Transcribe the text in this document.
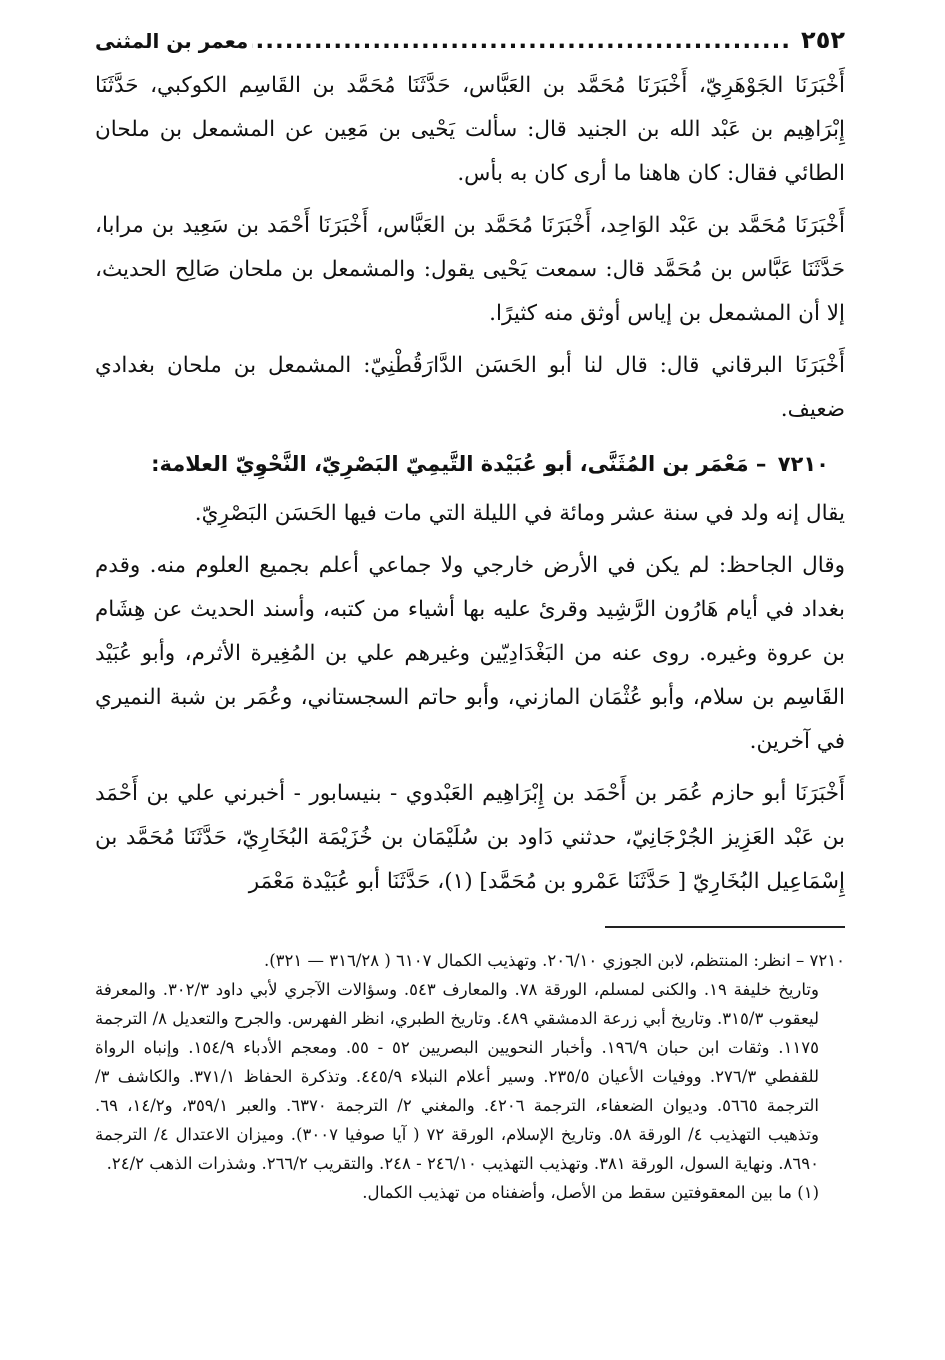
٢٥٢
.....
معمر بن المثنى

أَخْبَرَنَا الجَوْهَرِيّ، أَخْبَرَنَا مُحَمَّد بن العَبَّاس، حَدَّثَنَا مُحَمَّد بن القَاسِم الكوكبي، حَدَّثَنَا إِبْرَاهِيم بن عَبْد الله بن الجنيد قال: سألت يَحْيى بن مَعِين عن المشمعل بن ملحان الطائي فقال: كان هاهنا ما أرى كان به بأس.

أَخْبَرَنَا مُحَمَّد بن عَبْد الوَاحِد، أَخْبَرَنَا مُحَمَّد بن العَبَّاس، أَخْبَرَنَا أَحْمَد بن سَعِيد بن مرابا، حَدَّثَنَا عَبَّاس بن مُحَمَّد قال: سمعت يَحْيى يقول: والمشمعل بن ملحان صَالِح الحديث، إلا أن المشمعل بن إياس أوثق منه كثيرًا.

أَخْبَرَنَا البرقاني قال: قال لنا أبو الحَسَن الدَّارَقُطْنِيّ: المشمعل بن ملحان بغدادي ضعيف.

٧٢١٠ – مَعْمَر بن المُثَنَّى، أبو عُبَيْدة التَّيمِيّ البَصْرِيّ، النَّحْوِيّ العلامة:

يقال إنه ولد في سنة عشر ومائة في الليلة التي مات فيها الحَسَن البَصْرِيّ.

وقال الجاحظ: لم يكن في الأرض خارجي ولا جماعي أعلم بجميع العلوم منه. وقدم بغداد في أيام هَارُون الرَّشِيد وقرئ عليه بها أشياء من كتبه، وأسند الحديث عن هِشَام بن عروة وغيره. روى عنه من البَغْدَادِيّين وغيرهم علي بن المُغِيرة الأثرم، وأبو عُبَيْد القَاسِم بن سلام، وأبو عُثْمَان المازني، وأبو حاتم السجستاني، وعُمَر بن شبة النميري في آخرين.

أَخْبَرَنَا أبو حازم عُمَر بن أَحْمَد بن إِبْرَاهِيم العَبْدوي - بنيسابور - أخبرني علي بن أَحْمَد بن عَبْد العَزِيز الجُرْجَانِيّ، حدثني دَاود بن سُلَيْمَان بن خُزَيْمَة البُخَارِيّ، حَدَّثَنَا مُحَمَّد بن إِسْمَاعِيل البُخَارِيّ [ حَدَّثَنَا عَمْرو بن مُحَمَّد] (١)، حَدَّثَنَا أبو عُبَيْدة مَعْمَر

٧٢١٠ – انظر: المنتظم، لابن الجوزي ٢٠٦/١٠. وتهذيب الكمال ٦١٠٧ ( ٣١٦/٢٨ — ٣٢١).

وتاريخ خليفة ١٩. والكنى لمسلم، الورقة ٧٨. والمعارف ٥٤٣. وسؤالات الآجري لأبي داود ٣٠٢/٣. والمعرفة ليعقوب ٣١٥/٣. وتاريخ أبي زرعة الدمشقي ٤٨٩. وتاريخ الطبري، انظر الفهرس. والجرح والتعديل ٨/ الترجمة ١١٧٥. وثقات ابن حبان ١٩٦/٩. وأخبار النحويين البصريين ٥٢ - ٥٥. ومعجم الأدباء ١٥٤/٩. وإنباه الرواة للقفطي ٢٧٦/٣. ووفيات الأعيان ٢٣٥/٥. وسير أعلام النبلاء ٤٤٥/٩. وتذكرة الحفاظ ٣٧١/١. والكاشف ٣/ الترجمة ٥٦٦٥. وديوان الضعفاء، الترجمة ٤٢٠٦. والمغني ٢/ الترجمة ٦٣٧٠. والعبر ٣٥٩/١، و١٤/٢، ٦٩. وتذهيب التهذيب ٤/ الورقة ٥٨. وتاريخ الإسلام، الورقة ٧٢ ( آيا صوفيا ٣٠٠٧). وميزان الاعتدال ٤/ الترجمة ٨٦٩٠. ونهاية السول، الورقة ٣٨١. وتهذيب التهذيب ٢٤٦/١٠ - ٢٤٨. والتقريب ٢٦٦/٢. وشذرات الذهب ٢٤/٢.

(١) ما بين المعقوفتين سقط من الأصل، وأضفناه من تهذيب الكمال.
